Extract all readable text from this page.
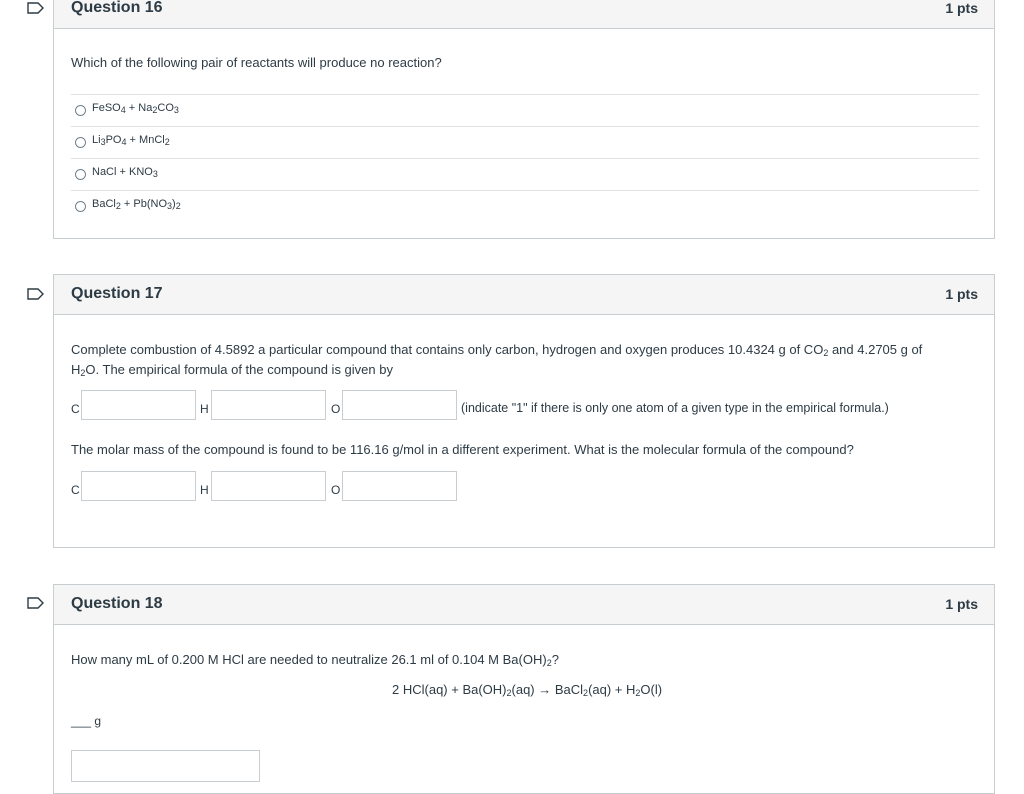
Question 16	1 pts
Which of the following pair of reactants will produce no reaction?
FeSO$_4$ + $Na_2CO_3$
$Li_3PO_4$ + MnCl$_2$
NaCl + $KNO_3$
BaCl$_2$ + $Pb(NO_3)_2$
Question 17	1 pts
Complete combustion of 4.5892 a particular compound that contains only carbon, hydrogen and oxygen produces 10.4324 g of $CO_2$ and 4.2705 g of
$H_2O$. The empirical formula of the compound is given by
C	H	O	(indicate "1" if there is only one atom of a given type in the empirical formula.)
The molar mass of the compound is found to be 116.16 g/mol in a different experiment. What is the molecular formula of the compound?
C	H	O
Question 18	1 pts
How many mL of 0.200 M HCl are needed to neutralize 26.1 ml of 0.104 M $Ba(OH)_2$?
2 $HCl(aq) + Ba(OH)_2(aq)$ → BaCl$_2$(aq) + $H_2O(l)$
___ g
